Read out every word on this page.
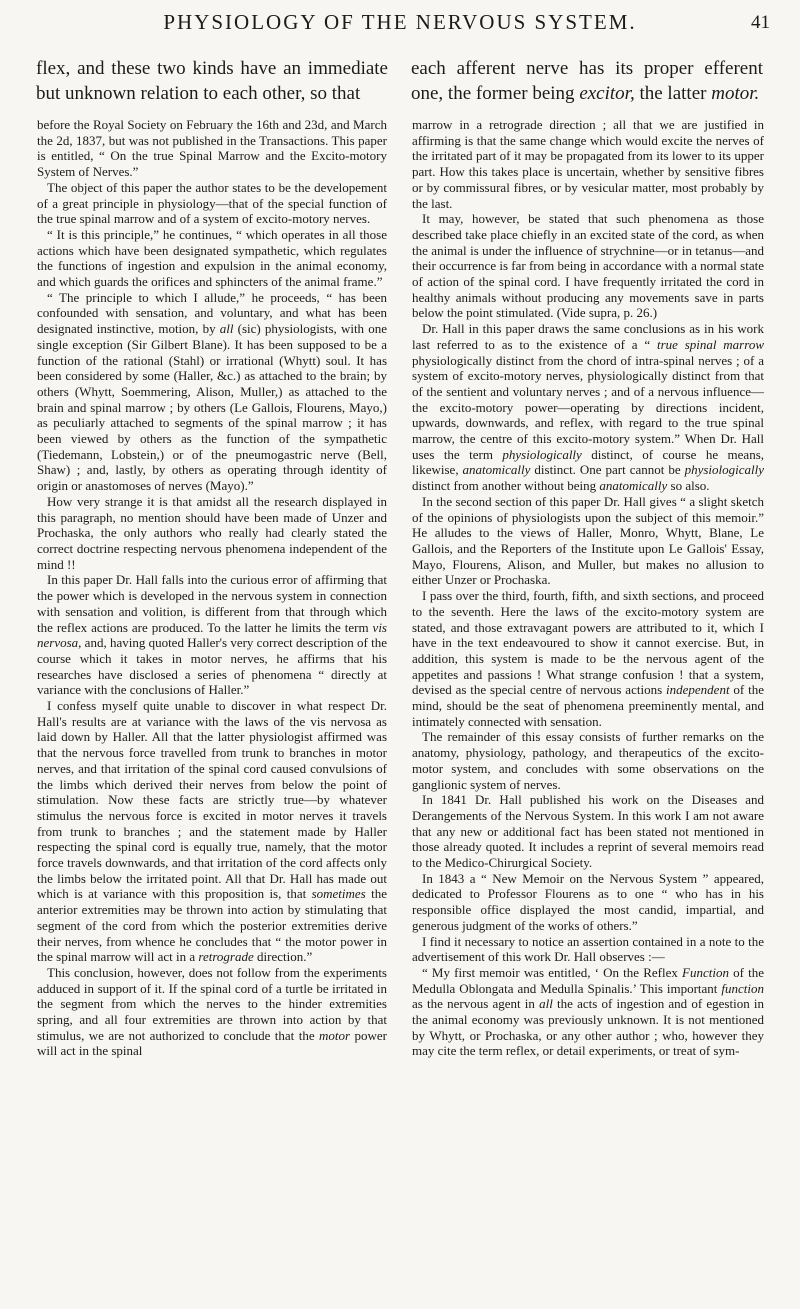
PHYSIOLOGY OF THE NERVOUS SYSTEM.	41
flex, and these two kinds have an immediate but unknown relation to each other, so that
each afferent nerve has its proper efferent one, the former being excitor, the latter motor.

before the Royal Society on February the 16th and 23d, and March the 2d, 1837, but was not published in the Transactions. This paper is entitled, “ On the true Spinal Marrow and the Excito-motory System of Nerves.”

The object of this paper the author states to be the developement of a great principle in physiology—that of the special function of the true spinal marrow and of a system of excito-motory nerves.

“ It is this principle,” he continues, “ which operates in all those actions which have been designated sympathetic, which regulates the functions of ingestion and expulsion in the animal economy, and which guards the orifices and sphincters of the animal frame.”

“ The principle to which I allude,” he proceeds, “ has been confounded with sensation, and voluntary, and what has been designated instinctive, motion, by all (sic) physiologists, with one single exception (Sir Gilbert Blane). It has been supposed to be a function of the rational (Stahl) or irrational (Whytt) soul. It has been considered by some (Haller, &c.) as attached to the brain; by others (Whytt, Soemmering, Alison, Muller,) as attached to the brain and spinal marrow ; by others (Le Gallois, Flourens, Mayo,) as peculiarly attached to segments of the spinal marrow ; it has been viewed by others as the function of the sympathetic (Tiedemann, Lobstein,) or of the pneumogastric nerve (Bell, Shaw) ; and, lastly, by others as operating through identity of origin or anastomoses of nerves (Mayo).”

How very strange it is that amidst all the research displayed in this paragraph, no mention should have been made of Unzer and Prochaska, the only authors who really had clearly stated the correct doctrine respecting nervous phenomena independent of the mind !!

In this paper Dr. Hall falls into the curious error of affirming that the power which is developed in the nervous system in connection with sensation and volition, is different from that through which the reflex actions are produced. To the latter he limits the term vis nervosa, and, having quoted Haller's very correct description of the course which it takes in motor nerves, he affirms that his researches have disclosed a series of phenomena “ directly at variance with the conclusions of Haller.”

I confess myself quite unable to discover in what respect Dr. Hall's results are at variance with the laws of the vis nervosa as laid down by Haller. All that the latter physiologist affirmed was that the nervous force travelled from trunk to branches in motor nerves, and that irritation of the spinal cord caused convulsions of the limbs which derived their nerves from below the point of stimulation. Now these facts are strictly true—by whatever stimulus the nervous force is excited in motor nerves it travels from trunk to branches ; and the statement made by Haller respecting the spinal cord is equally true, namely, that the motor force travels downwards, and that irritation of the cord affects only the limbs below the irritated point. All that Dr. Hall has made out which is at variance with this proposition is, that sometimes the anterior extremities may be thrown into action by stimulating that segment of the cord from which the posterior extremities derive their nerves, from whence he concludes that “ the motor power in the spinal marrow will act in a retrograde direction.”

This conclusion, however, does not follow from the experiments adduced in support of it. If the spinal cord of a turtle be irritated in the segment from which the nerves to the hinder extremities spring, and all four extremities are thrown into action by that stimulus, we are not authorized to conclude that the motor power will act in the spinal

marrow in a retrograde direction ; all that we are justified in affirming is that the same change which would excite the nerves of the irritated part of it may be propagated from its lower to its upper part. How this takes place is uncertain, whether by sensitive fibres or by commissural fibres, or by vesicular matter, most probably by the last.

It may, however, be stated that such phenomena as those described take place chiefly in an excited state of the cord, as when the animal is under the influence of strychnine—or in tetanus—and their occurrence is far from being in accordance with a normal state of action of the spinal cord. I have frequently irritated the cord in healthy animals without producing any movements save in parts below the point stimulated. (Vide supra, p. 26.)

Dr. Hall in this paper draws the same conclusions as in his work last referred to as to the existence of a “ true spinal marrow physiologically distinct from the chord of intra-spinal nerves ; of a system of excito-motory nerves, physiologically distinct from that of the sentient and voluntary nerves ; and of a nervous influence—the excito-motory power—operating by directions incident, upwards, downwards, and reflex, with regard to the true spinal marrow, the centre of this excito-motory system.” When Dr. Hall uses the term physiologically distinct, of course he means, likewise, anatomically distinct. One part cannot be physiologically distinct from another without being anatomically so also.

In the second section of this paper Dr. Hall gives “ a slight sketch of the opinions of physiologists upon the subject of this memoir.” He alludes to the views of Haller, Monro, Whytt, Blane, Le Gallois, and the Reporters of the Institute upon Le Gallois' Essay, Mayo, Flourens, Alison, and Muller, but makes no allusion to either Unzer or Prochaska.

I pass over the third, fourth, fifth, and sixth sections, and proceed to the seventh. Here the laws of the excito-motory system are stated, and those extravagant powers are attributed to it, which I have in the text endeavoured to show it cannot exercise. But, in addition, this system is made to be the nervous agent of the appetites and passions ! What strange confusion ! that a system, devised as the special centre of nervous actions independent of the mind, should be the seat of phenomena preeminently mental, and intimately connected with sensation.

The remainder of this essay consists of further remarks on the anatomy, physiology, pathology, and therapeutics of the excito-motor system, and concludes with some observations on the ganglionic system of nerves.

In 1841 Dr. Hall published his work on the Diseases and Derangements of the Nervous System. In this work I am not aware that any new or additional fact has been stated not mentioned in those already quoted. It includes a reprint of several memoirs read to the Medico-Chirurgical Society.

In 1843 a “ New Memoir on the Nervous System ” appeared, dedicated to Professor Flourens as to one “ who has in his responsible office displayed the most candid, impartial, and generous judgment of the works of others.”

I find it necessary to notice an assertion contained in a note to the advertisement of this work Dr. Hall observes :—

“ My first memoir was entitled, ‘ On the Reflex Function of the Medulla Oblongata and Medulla Spinalis.’ This important function as the nervous agent in all the acts of ingestion and of egestion in the animal economy was previously unknown. It is not mentioned by Whytt, or Prochaska, or any other author ; who, however they may cite the term reflex, or detail experiments, or treat of sym-
